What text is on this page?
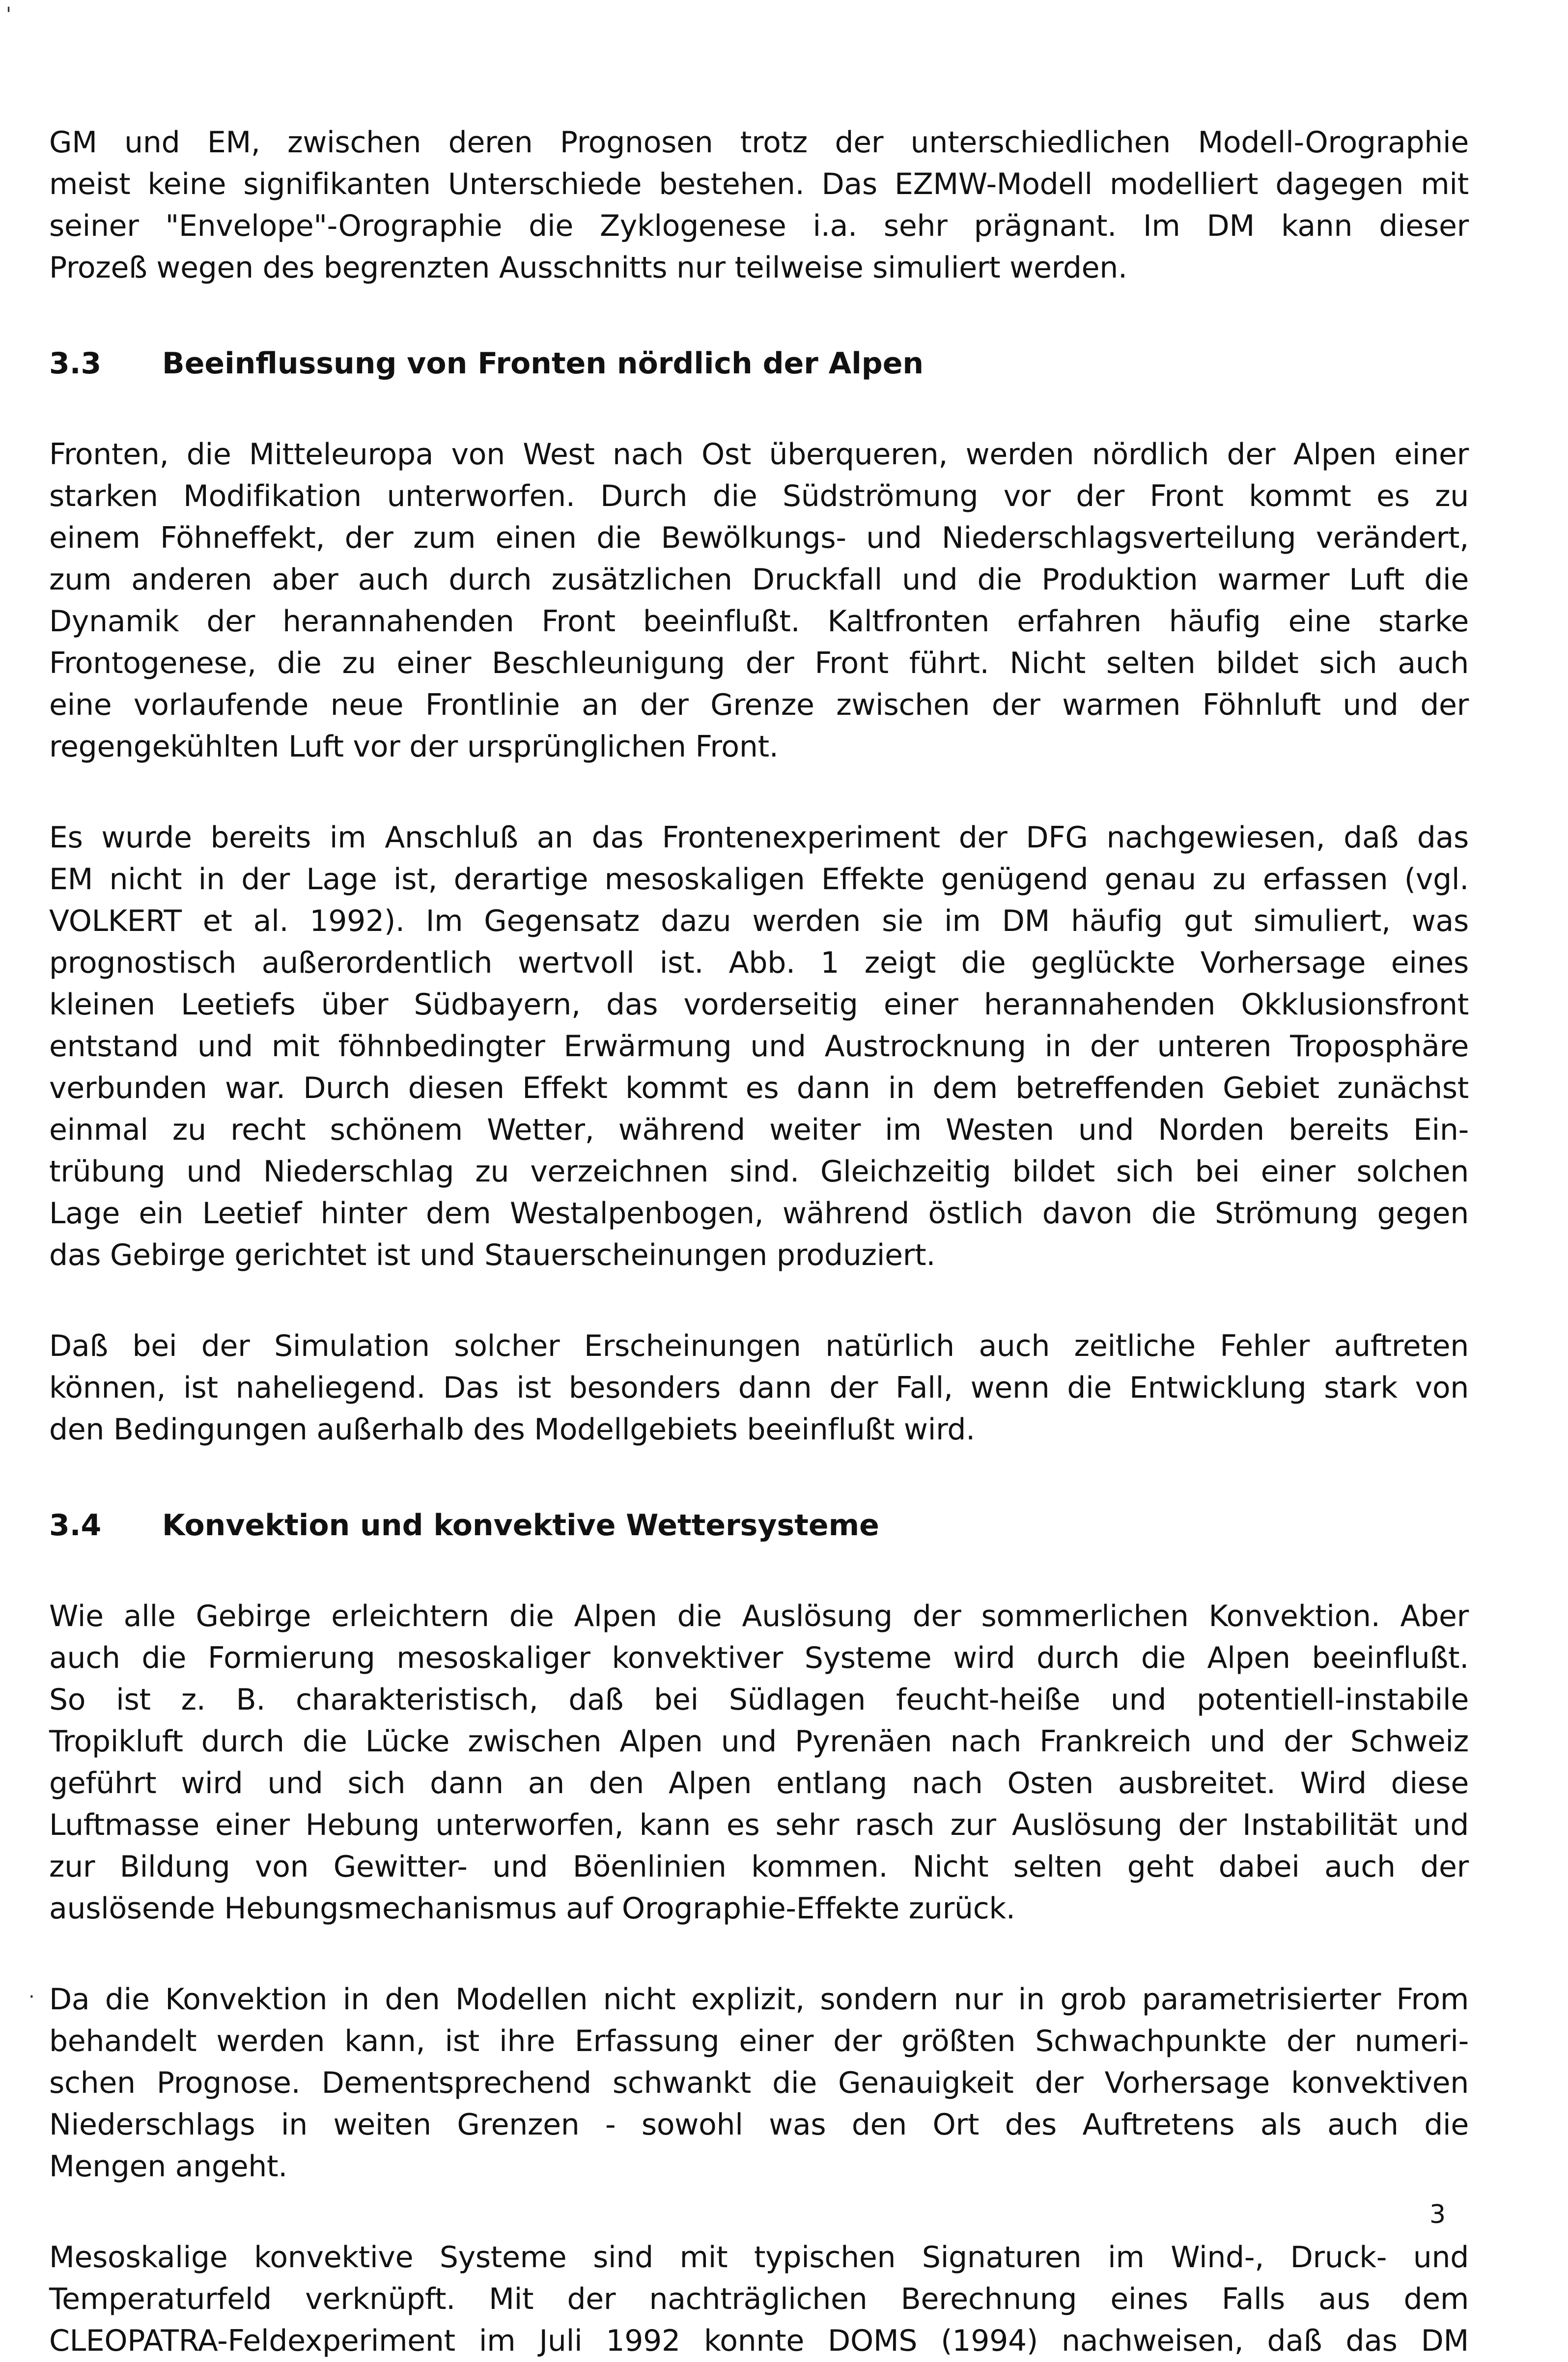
GM und EM, zwischen deren Prognosen trotz der unterschiedlichen Modell-Orographie
meist keine signifikanten Unterschiede bestehen. Das EZMW-Modell modelliert dagegen mit
seiner "Envelope"-Orographie die Zyklogenese i.a. sehr prägnant. Im DM kann dieser
Prozeß wegen des begrenzten Ausschnitts nur teilweise simuliert werden.

3.3	Beeinflussung von Fronten nördlich der Alpen

Fronten, die Mitteleuropa von West nach Ost überqueren, werden nördlich der Alpen einer
starken Modifikation unterworfen. Durch die Südströmung vor der Front kommt es zu
einem Föhneffekt, der zum einen die Bewölkungs- und Niederschlagsverteilung verändert,
zum anderen aber auch durch zusätzlichen Druckfall und die Produktion warmer Luft die
Dynamik der herannahenden Front beeinflußt. Kaltfronten erfahren häufig eine starke
Frontogenese, die zu einer Beschleunigung der Front führt. Nicht selten bildet sich auch
eine vorlaufende neue Frontlinie an der Grenze zwischen der warmen Föhnluft und der
regengekühlten Luft vor der ursprünglichen Front.

Es wurde bereits im Anschluß an das Frontenexperiment der DFG nachgewiesen, daß das
EM nicht in der Lage ist, derartige mesoskaligen Effekte genügend genau zu erfassen (vgl.
VOLKERT et al. 1992). Im Gegensatz dazu werden sie im DM häufig gut simuliert, was
prognostisch außerordentlich wertvoll ist. Abb. 1 zeigt die geglückte Vorhersage eines
kleinen Leetiefs über Südbayern, das vorderseitig einer herannahenden Okklusionsfront
entstand und mit föhnbedingter Erwärmung und Austrocknung in der unteren Troposphäre
verbunden war. Durch diesen Effekt kommt es dann in dem betreffenden Gebiet zunächst
einmal zu recht schönem Wetter, während weiter im Westen und Norden bereits Ein-
trübung und Niederschlag zu verzeichnen sind. Gleichzeitig bildet sich bei einer solchen
Lage ein Leetief hinter dem Westalpenbogen, während östlich davon die Strömung gegen
das Gebirge gerichtet ist und Stauerscheinungen produziert.

Daß bei der Simulation solcher Erscheinungen natürlich auch zeitliche Fehler auftreten
können, ist naheliegend. Das ist besonders dann der Fall, wenn die Entwicklung stark von
den Bedingungen außerhalb des Modellgebiets beeinflußt wird.

3.4	Konvektion und konvektive Wettersysteme

Wie alle Gebirge erleichtern die Alpen die Auslösung der sommerlichen Konvektion. Aber
auch die Formierung mesoskaliger konvektiver Systeme wird durch die Alpen beeinflußt.
So ist z. B. charakteristisch, daß bei Südlagen feucht-heiße und potentiell-instabile
Tropikluft durch die Lücke zwischen Alpen und Pyrenäen nach Frankreich und der Schweiz
geführt wird und sich dann an den Alpen entlang nach Osten ausbreitet. Wird diese
Luftmasse einer Hebung unterworfen, kann es sehr rasch zur Auslösung der Instabilität und
zur Bildung von Gewitter- und Böenlinien kommen. Nicht selten geht dabei auch der
auslösende Hebungsmechanismus auf Orographie-Effekte zurück.

Da die Konvektion in den Modellen nicht explizit, sondern nur in grob parametrisierter From
behandelt werden kann, ist ihre Erfassung einer der größten Schwachpunkte der numeri-
schen Prognose. Dementsprechend schwankt die Genauigkeit der Vorhersage konvektiven
Niederschlags in weiten Grenzen - sowohl was den Ort des Auftretens als auch die
Mengen angeht.

Mesoskalige konvektive Systeme sind mit typischen Signaturen im Wind-, Druck- und
Temperaturfeld verknüpft. Mit der nachträglichen Berechnung eines Falls aus dem
CLEOPATRA-Feldexperiment im Juli 1992 konnte DOMS (1994) nachweisen, daß das DM

3
'
·
